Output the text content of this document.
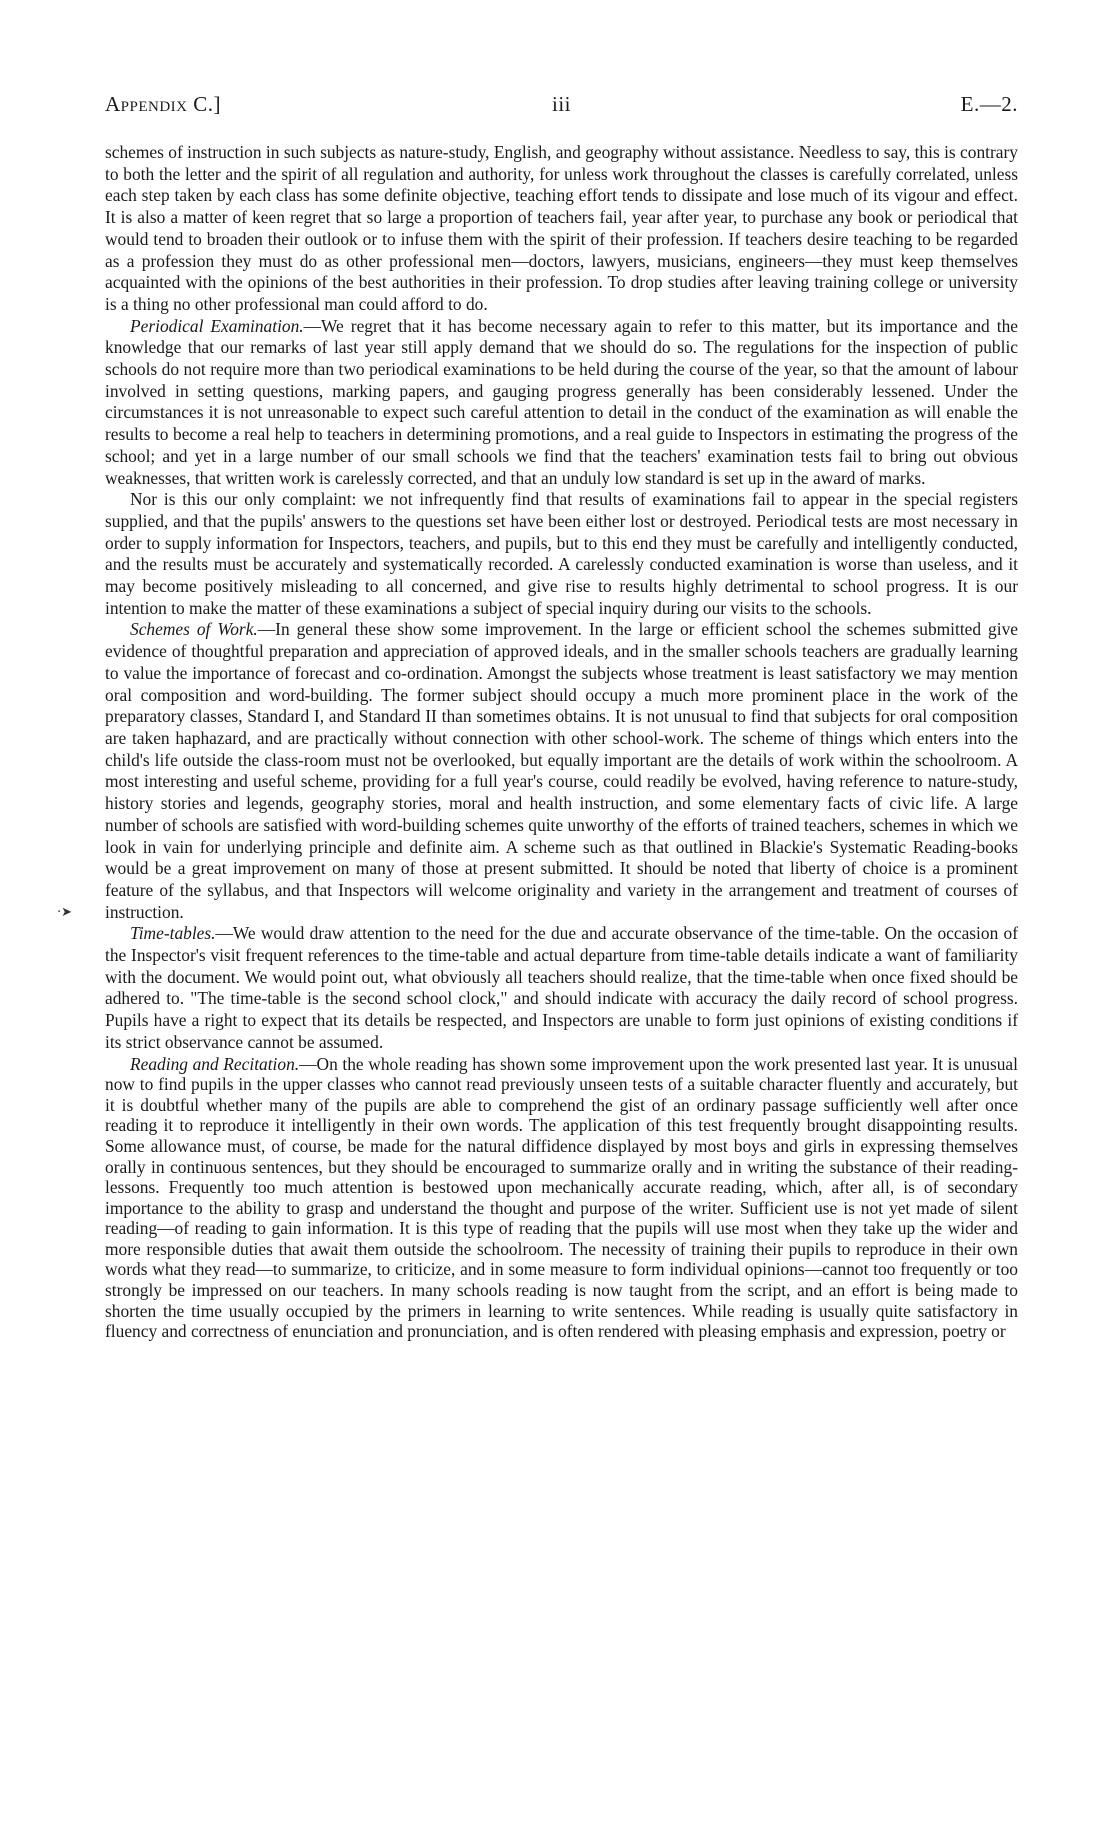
Appendix C.]	iii	E.—2.

schemes of instruction in such subjects as nature-study, English, and geography without assistance. Needless to say, this is contrary to both the letter and the spirit of all regulation and authority, for unless work throughout the classes is carefully correlated, unless each step taken by each class has some definite objective, teaching effort tends to dissipate and lose much of its vigour and effect. It is also a matter of keen regret that so large a proportion of teachers fail, year after year, to purchase any book or periodical that would tend to broaden their outlook or to infuse them with the spirit of their profession. If teachers desire teaching to be regarded as a profession they must do as other professional men—doctors, lawyers, musicians, engineers—they must keep themselves acquainted with the opinions of the best authorities in their profession. To drop studies after leaving training college or university is a thing no other professional man could afford to do.

Periodical Examination.—We regret that it has become necessary again to refer to this matter, but its importance and the knowledge that our remarks of last year still apply demand that we should do so. The regulations for the inspection of public schools do not require more than two periodical examinations to be held during the course of the year, so that the amount of labour involved in setting questions, marking papers, and gauging progress generally has been considerably lessened. Under the circumstances it is not unreasonable to expect such careful attention to detail in the conduct of the examination as will enable the results to become a real help to teachers in determining promotions, and a real guide to Inspectors in estimating the progress of the school; and yet in a large number of our small schools we find that the teachers' examination tests fail to bring out obvious weaknesses, that written work is carelessly corrected, and that an unduly low standard is set up in the award of marks.

Nor is this our only complaint: we not infrequently find that results of examinations fail to appear in the special registers supplied, and that the pupils' answers to the questions set have been either lost or destroyed. Periodical tests are most necessary in order to supply information for Inspectors, teachers, and pupils, but to this end they must be carefully and intelligently conducted, and the results must be accurately and systematically recorded. A carelessly conducted examination is worse than useless, and it may become positively misleading to all concerned, and give rise to results highly detrimental to school progress. It is our intention to make the matter of these examinations a subject of special inquiry during our visits to the schools.

Schemes of Work.—In general these show some improvement. In the large or efficient school the schemes submitted give evidence of thoughtful preparation and appreciation of approved ideals, and in the smaller schools teachers are gradually learning to value the importance of forecast and co-ordination. Amongst the subjects whose treatment is least satisfactory we may mention oral composition and word-building. The former subject should occupy a much more prominent place in the work of the preparatory classes, Standard I, and Standard II than sometimes obtains. It is not unusual to find that subjects for oral composition are taken haphazard, and are practically without connection with other school-work. The scheme of things which enters into the child's life outside the class-room must not be overlooked, but equally important are the details of work within the schoolroom. A most interesting and useful scheme, providing for a full year's course, could readily be evolved, having reference to nature-study, history stories and legends, geography stories, moral and health instruction, and some elementary facts of civic life. A large number of schools are satisfied with word-building schemes quite unworthy of the efforts of trained teachers, schemes in which we look in vain for underlying principle and definite aim. A scheme such as that outlined in Blackie's Systematic Reading-books would be a great improvement on many of those at present submitted. It should be noted that liberty of choice is a prominent feature of the syllabus, and that Inspectors will welcome originality and variety in the arrangement and treatment of courses of instruction.

Time-tables.—We would draw attention to the need for the due and accurate observance of the time-table. On the occasion of the Inspector's visit frequent references to the time-table and actual departure from time-table details indicate a want of familiarity with the document. We would point out, what obviously all teachers should realize, that the time-table when once fixed should be adhered to. "The time-table is the second school clock," and should indicate with accuracy the daily record of school progress. Pupils have a right to expect that its details be respected, and Inspectors are unable to form just opinions of existing conditions if its strict observance cannot be assumed.

Reading and Recitation.—On the whole reading has shown some improvement upon the work presented last year. It is unusual now to find pupils in the upper classes who cannot read previously unseen tests of a suitable character fluently and accurately, but it is doubtful whether many of the pupils are able to comprehend the gist of an ordinary passage sufficiently well after once reading it to reproduce it intelligently in their own words. The application of this test frequently brought disappointing results. Some allowance must, of course, be made for the natural diffidence displayed by most boys and girls in expressing themselves orally in continuous sentences, but they should be encouraged to summarize orally and in writing the substance of their reading-lessons. Frequently too much attention is bestowed upon mechanically accurate reading, which, after all, is of secondary importance to the ability to grasp and understand the thought and purpose of the writer. Sufficient use is not yet made of silent reading—of reading to gain information. It is this type of reading that the pupils will use most when they take up the wider and more responsible duties that await them outside the schoolroom. The necessity of training their pupils to reproduce in their own words what they read—to summarize, to criticize, and in some measure to form individual opinions—cannot too frequently or too strongly be impressed on our teachers. In many schools reading is now taught from the script, and an effort is being made to shorten the time usually occupied by the primers in learning to write sentences. While reading is usually quite satisfactory in fluency and correctness of enunciation and pronunciation, and is often rendered with pleasing emphasis and expression, poetry or

·➤
